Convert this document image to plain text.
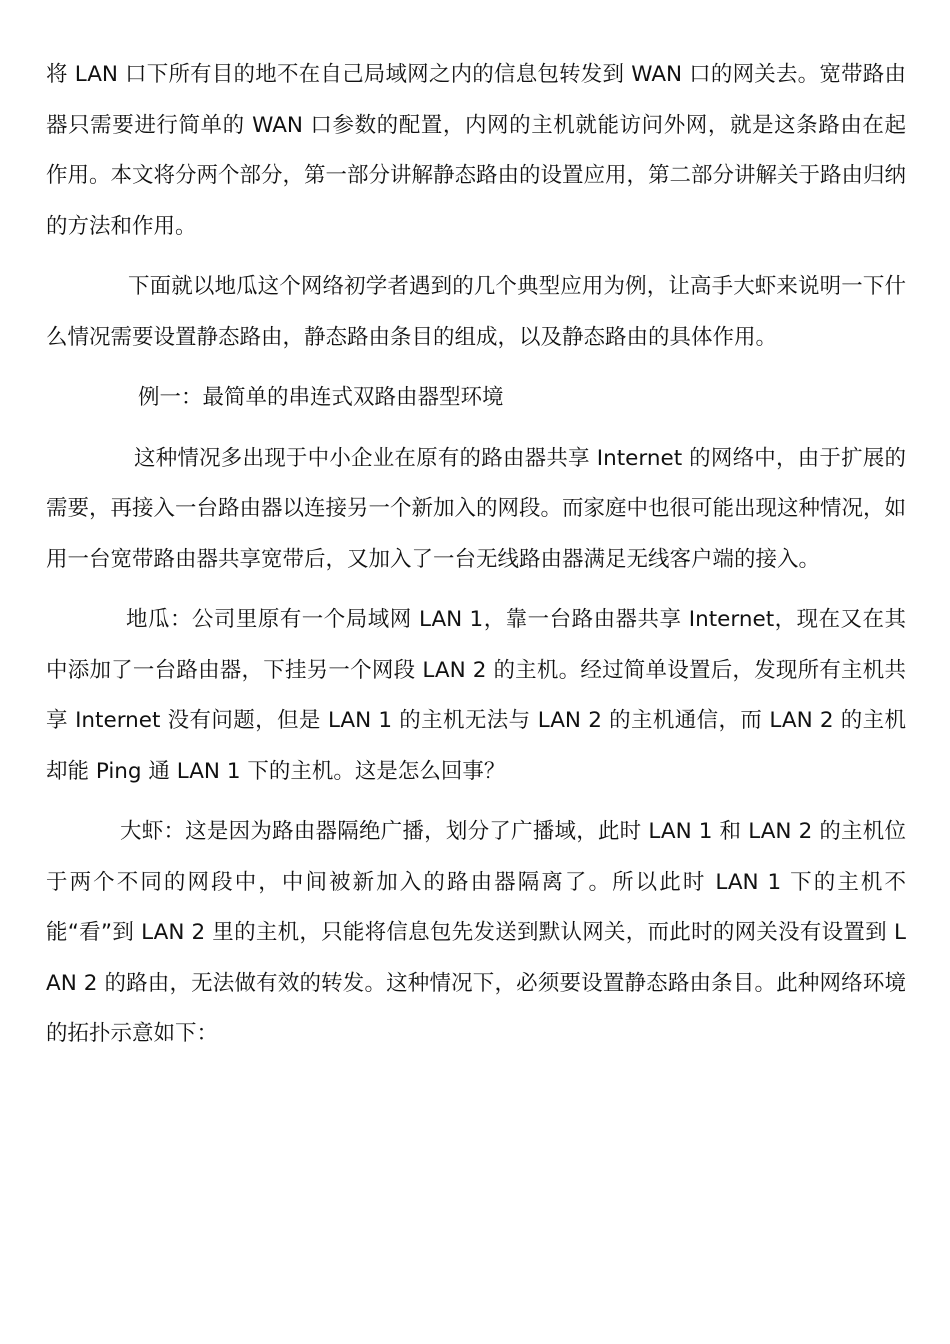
将 LAN 口下所有目的地不在自己局域网之内的信息包转发到 WAN 口的网关去。宽带路由器只需要进行简单的 WAN 口参数的配置，内网的主机就能访问外网，就是这条路由在起作用。本文将分两个部分，第一部分讲解静态路由的设置应用，第二部分讲解关于路由归纳的方法和作用。

下面就以地瓜这个网络初学者遇到的几个典型应用为例，让高手大虾来说明一下什么情况需要设置静态路由，静态路由条目的组成，以及静态路由的具体作用。

例一：最简单的串连式双路由器型环境

这种情况多出现于中小企业在原有的路由器共享 Internet 的网络中，由于扩展的需要，再接入一台路由器以连接另一个新加入的网段。而家庭中也很可能出现这种情况，如用一台宽带路由器共享宽带后，又加入了一台无线路由器满足无线客户端的接入。

地瓜：公司里原有一个局域网 LAN 1，靠一台路由器共享 Internet，现在又在其中添加了一台路由器，下挂另一个网段 LAN 2 的主机。经过简单设置后，发现所有主机共享 Internet 没有问题，但是 LAN 1 的主机无法与 LAN 2 的主机通信，而 LAN 2 的主机却能 Ping 通 LAN 1 下的主机。这是怎么回事？

大虾：这是因为路由器隔绝广播，划分了广播域，此时 LAN 1 和 LAN 2 的主机位于两个不同的网段中，中间被新加入的路由器隔离了。所以此时 LAN 1 下的主机不能“看”到 LAN 2 里的主机，只能将信息包先发送到默认网关，而此时的网关没有设置到 LAN 2 的路由，无法做有效的转发。这种情况下，必须要设置静态路由条目。此种网络环境的拓扑示意如下：
